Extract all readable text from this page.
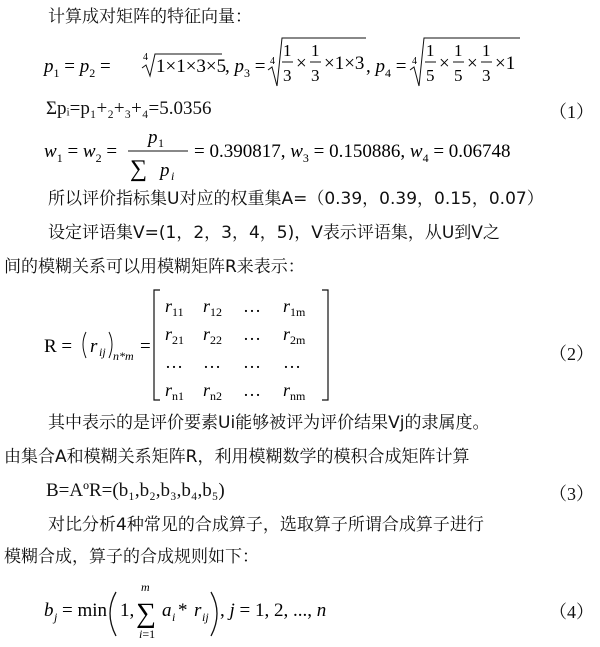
计算成对矩阵的特征向量：
$p_1 = p_2$ =	4 1×1×3×5
, $p_3 = 4$
1
3
×
1
3
×1×3 , $p_4 = 4$
1
5
×
1
5
×
1
3
×1
Σpᵢ=p₁+₂+₃+₄=5.0356	（1）
$w_1 = w_2$ =
p 1
∑ p i
= 0.390817, $w_3 = 0.150886$, $w_4 = 0.06748$
所以评价指标集U对应的权重集A=（0.39，0.39，0.15，0.07）
设定评语集V=(1，2，3，4，5)，V表示评语集，从U到V之
间的模糊关系可以用模糊矩阵R来表示：
R = r ij n*m =
$r_{11}$ $r_{12}$ … $r_{1m}$
$r_{21}$ $r_{22}$ … $r_{2m}$
… … … …
$r_{n1}$ $r_{n2}$ … $r_{nm}$
（2）
其中表示的是评价要素Ui能够被评为评价结果Vj的隶属度。
由集合A和模糊关系矩阵R，利用模糊数学的模积合成矩阵计算
B=AºR=(b₁,b₂,b₃,b₄,b₅)	（3）
对比分析4种常见的合成算子，选取算子所谓合成算子进行
模糊合成，算子的合成规则如下：
b j = min 1,
m
∑
i=1
a i * r ij , j = 1, 2, ..., n	（4）
